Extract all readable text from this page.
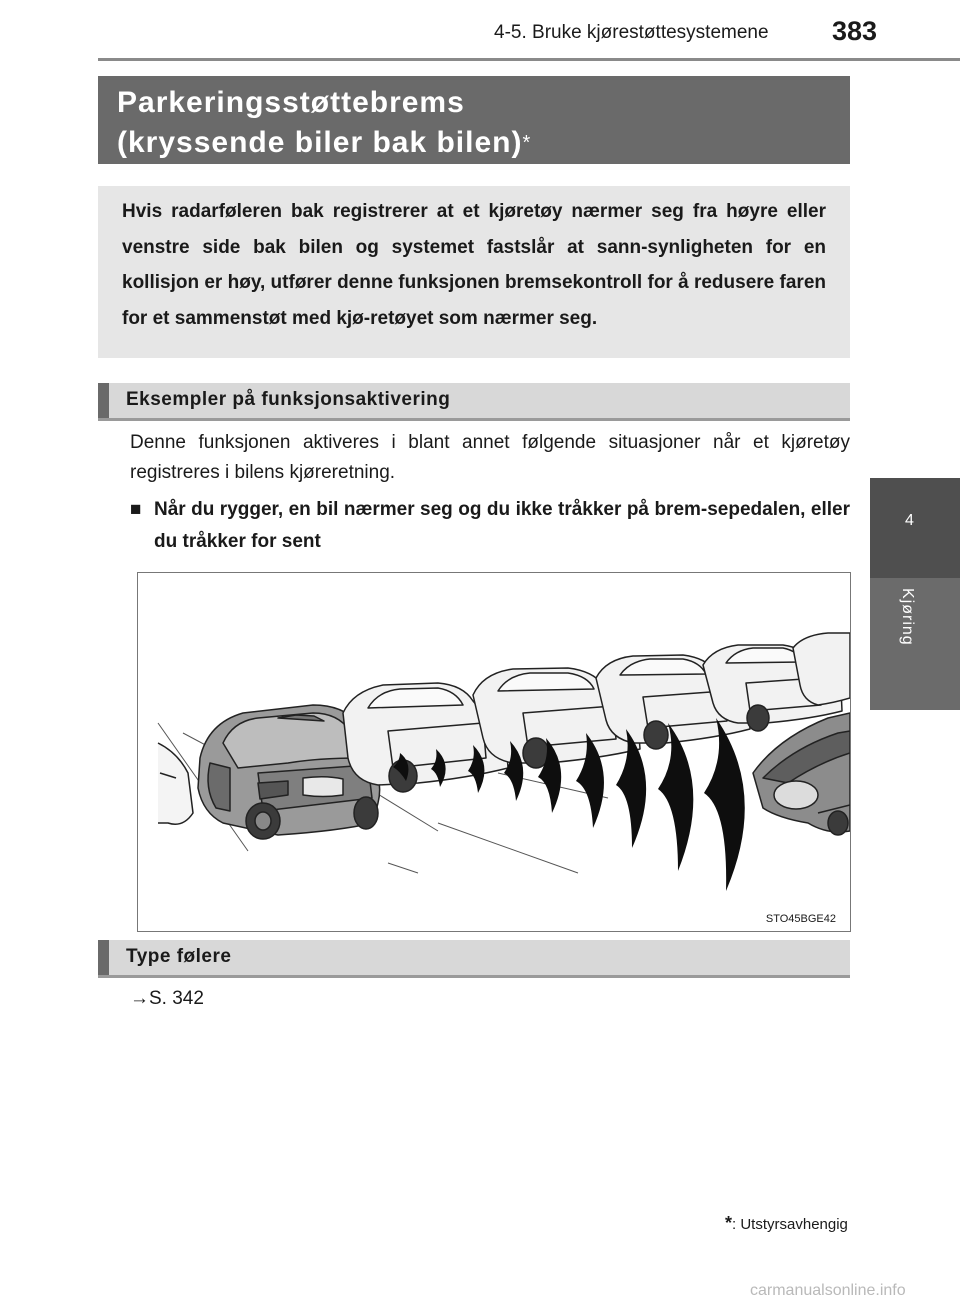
4-5. Bruke kjørestøttesystemene 383
4
Kjøring
Parkeringsstøttebrems
(kryssende biler bak bilen)*
Hvis radarføleren bak registrerer at et kjøretøy nærmer seg fra høyre eller venstre side bak bilen og systemet fastslår at sann-synligheten for en kollisjon er høy, utfører denne funksjonen bremsekontroll for å redusere faren for et sammenstøt med kjø-retøyet som nærmer seg.
Eksempler på funksjonsaktivering
Denne funksjonen aktiveres i blant annet følgende situasjoner når et kjøretøy registreres i bilens kjøreretning.
■ Når du rygger, en bil nærmer seg og du ikke tråkker på brem-sepedalen, eller du tråkker for sent
STO45BGE42
Type følere
→S. 342
*: Utstyrsavhengig
carmanualsonline.info
